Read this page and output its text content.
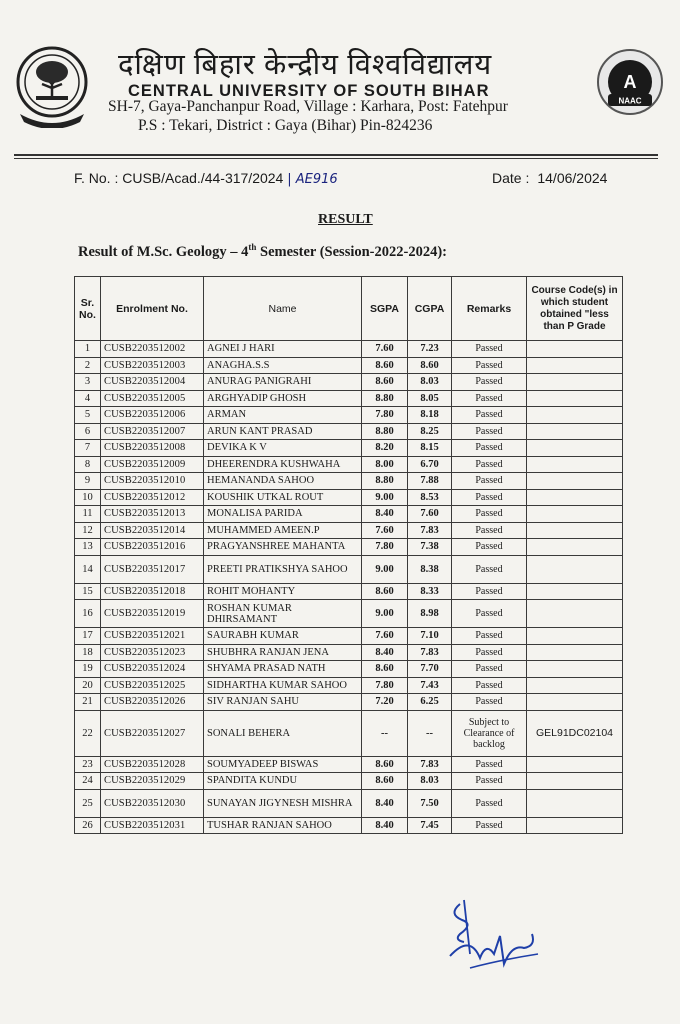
दक्षिण बिहार केन्द्रीय विश्वविद्यालय
CENTRAL UNIVERSITY OF SOUTH BIHAR
SH-7, Gaya-Panchanpur Road, Village : Karhara, Post: Fatehpur
P.S : Tekari, District : Gaya (Bihar) Pin-824236
A
NAAC
F. No. : CUSB/Acad./44-317/2024 | AE916	Date : 14/06/2024
RESULT
Result of M.Sc. Geology – 4th Semester (Session-2022-2024):
Sr. No.	Enrolment No.	Name	SGPA	CGPA	Remarks	Course Code(s) in which student obtained "less than P Grade
1	CUSB2203512002	AGNEI J HARI	7.60	7.23	Passed	
2	CUSB2203512003	ANAGHA.S.S	8.60	8.60	Passed	
3	CUSB2203512004	ANURAG PANIGRAHI	8.60	8.03	Passed	
4	CUSB2203512005	ARGHYADIP GHOSH	8.80	8.05	Passed	
5	CUSB2203512006	ARMAN	7.80	8.18	Passed	
6	CUSB2203512007	ARUN KANT PRASAD	8.80	8.25	Passed	
7	CUSB2203512008	DEVIKA K V	8.20	8.15	Passed	
8	CUSB2203512009	DHEERENDRA KUSHWAHA	8.00	6.70	Passed	
9	CUSB2203512010	HEMANANDA SAHOO	8.80	7.88	Passed	
10	CUSB2203512012	KOUSHIK UTKAL ROUT	9.00	8.53	Passed	
11	CUSB2203512013	MONALISA PARIDA	8.40	7.60	Passed	
12	CUSB2203512014	MUHAMMED AMEEN.P	7.60	7.83	Passed	
13	CUSB2203512016	PRAGYANSHREE MAHANTA	7.80	7.38	Passed	
14	CUSB2203512017	PREETI PRATIKSHYA SAHOO	9.00	8.38	Passed	
15	CUSB2203512018	ROHIT MOHANTY	8.60	8.33	Passed	
16	CUSB2203512019	ROSHAN KUMAR DHIRSAMANT	9.00	8.98	Passed	
17	CUSB2203512021	SAURABH KUMAR	7.60	7.10	Passed	
18	CUSB2203512023	SHUBHRA RANJAN JENA	8.40	7.83	Passed	
19	CUSB2203512024	SHYAMA PRASAD NATH	8.60	7.70	Passed	
20	CUSB2203512025	SIDHARTHA KUMAR SAHOO	7.80	7.43	Passed	
21	CUSB2203512026	SIV RANJAN SAHU	7.20	6.25	Passed	
22	CUSB2203512027	SONALI BEHERA	--	--	Subject to Clearance of backlog	GEL91DC02104
23	CUSB2203512028	SOUMYADEEP BISWAS	8.60	7.83	Passed	
24	CUSB2203512029	SPANDITA KUNDU	8.60	8.03	Passed	
25	CUSB2203512030	SUNAYAN JIGYNESH MISHRA	8.40	7.50	Passed	
26	CUSB2203512031	TUSHAR RANJAN SAHOO	8.40	7.45	Passed	
